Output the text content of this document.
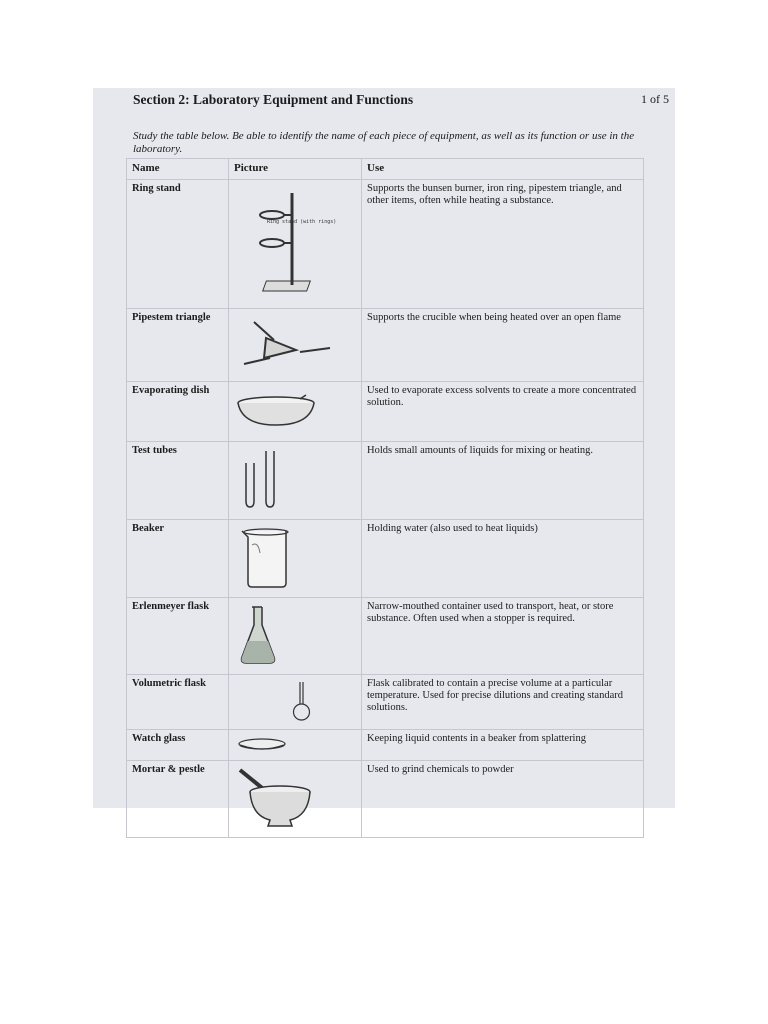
Section 2: Laboratory Equipment and Functions	1 of 5
Study the table below. Be able to identify the name of each piece of equipment, as well as its function or use in the laboratory.
Name	Picture	Use
Ring stand	Ring stand (with rings)	Supports the bunsen burner, iron ring, pipestem triangle, and other items, often while heating a substance.
Pipestem triangle		Supports the crucible when being heated over an open flame
Evaporating dish		Used to evaporate excess solvents to create a more concentrated solution.
Test tubes		Holds small amounts of liquids for mixing or heating.
Beaker		Holding water (also used to heat liquids)
Erlenmeyer flask		Narrow-mouthed container used to transport, heat, or store substance. Often used when a stopper is required.
Volumetric flask		Flask calibrated to contain a precise volume at a particular temperature. Used for precise dilutions and creating standard solutions.
Watch glass		Keeping liquid contents in a beaker from splattering
Mortar & pestle		Used to grind chemicals to powder
